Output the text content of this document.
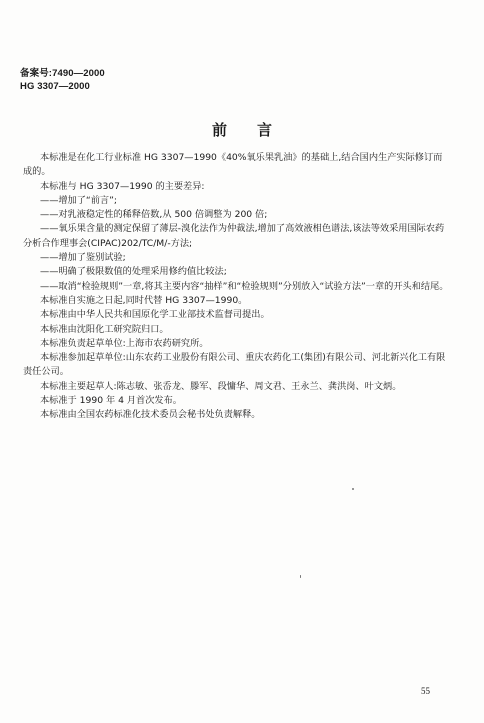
备案号:7490—2000
HG 3307—2000
前言

本标准是在化工行业标准 HG 3307—1990《40%氧乐果乳油》的基础上,结合国内生产实际修订而成的。

本标准与 HG 3307—1990 的主要差异:

——增加了“前言”;

——对乳液稳定性的稀释倍数,从 500 倍调整为 200 倍;

——氧乐果含量的测定保留了薄层-溴化法作为仲裁法,增加了高效液相色谱法,该法等效采用国际农药分析合作理事会(CIPAC)202/TC/M/-方法;

——增加了鉴别试验;

——明确了极限数值的处理采用修约值比较法;

——取消“检验规则”一章,将其主要内容“抽样”和“检验规则”分别放入“试验方法”一章的开头和结尾。

本标准自实施之日起,同时代替 HG 3307—1990。

本标准由中华人民共和国原化学工业部技术监督司提出。

本标准由沈阳化工研究院归口。

本标准负责起草单位:上海市农药研究所。

本标准参加起草单位:山东农药工业股份有限公司、重庆农药化工(集团)有限公司、河北新兴化工有限责任公司。

本标准主要起草人:陈志敏、张岙龙、滕军、段慵华、周文君、王永兰、龚洪岗、叶文炳。

本标准于 1990 年 4 月首次发布。

本标准由全国农药标准化技术委员会秘书处负责解释。

55
